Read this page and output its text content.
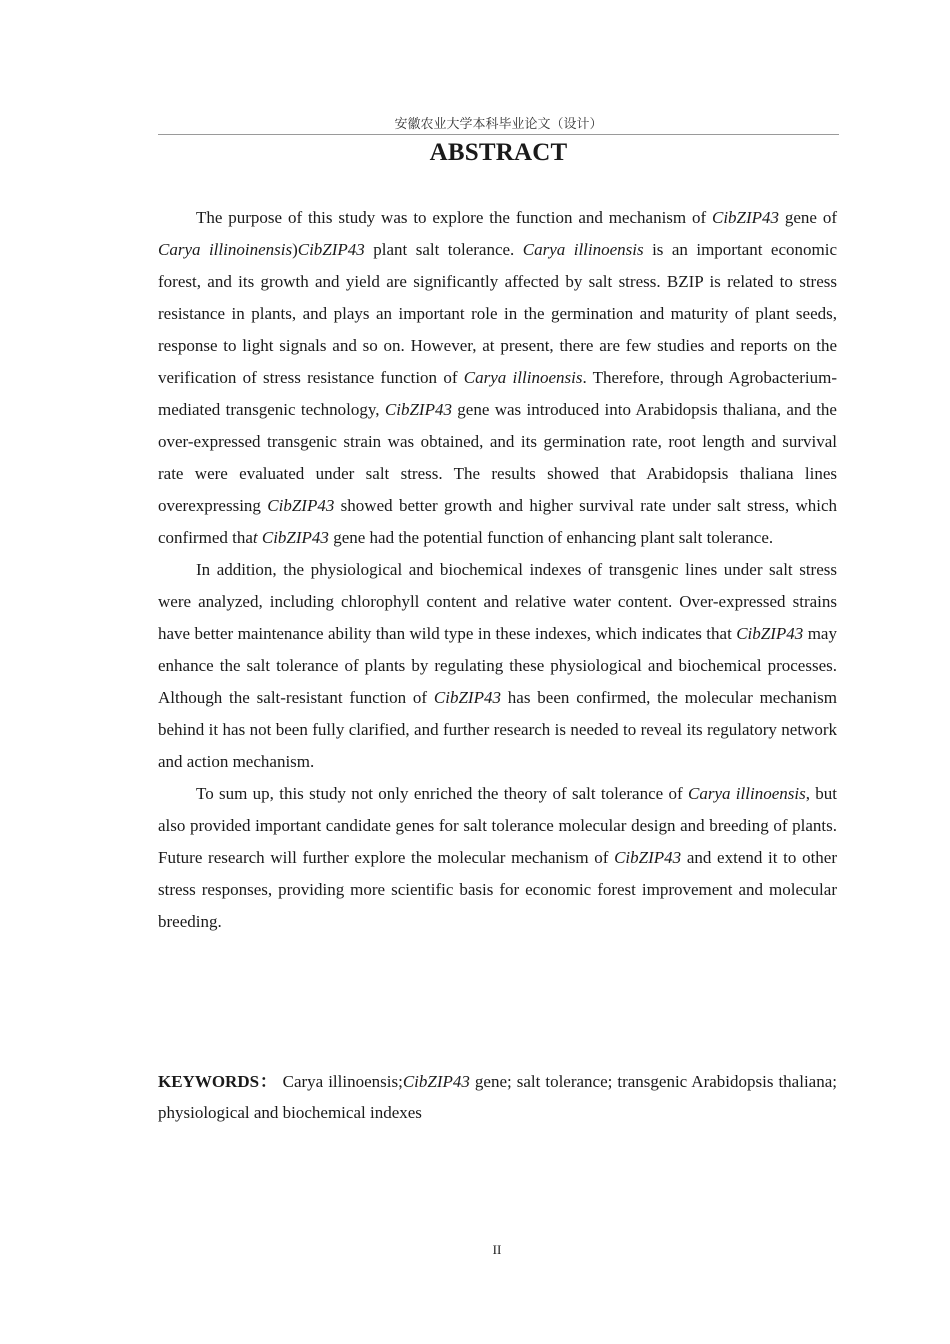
安徽农业大学本科毕业论文（设计）
ABSTRACT

The purpose of this study was to explore the function and mechanism of CibZIP43 gene of Carya illinoinensis)CibZIP43 plant salt tolerance. Carya illinoensis is an important economic forest, and its growth and yield are significantly affected by salt stress. BZIP is related to stress resistance in plants, and plays an important role in the germination and maturity of plant seeds, response to light signals and so on. However, at present, there are few studies and reports on the verification of stress resistance function of Carya illinoensis. Therefore, through Agrobacterium-mediated transgenic technology, CibZIP43 gene was introduced into Arabidopsis thaliana, and the over-expressed transgenic strain was obtained, and its germination rate, root length and survival rate were evaluated under salt stress. The results showed that Arabidopsis thaliana lines overexpressing CibZIP43 showed better growth and higher survival rate under salt stress, which confirmed that CibZIP43 gene had the potential function of enhancing plant salt tolerance.

In addition, the physiological and biochemical indexes of transgenic lines under salt stress were analyzed, including chlorophyll content and relative water content. Over-expressed strains have better maintenance ability than wild type in these indexes, which indicates that CibZIP43 may enhance the salt tolerance of plants by regulating these physiological and biochemical processes. Although the salt-resistant function of CibZIP43 has been confirmed, the molecular mechanism behind it has not been fully clarified, and further research is needed to reveal its regulatory network and action mechanism.

To sum up, this study not only enriched the theory of salt tolerance of Carya illinoensis, but also provided important candidate genes for salt tolerance molecular design and breeding of plants. Future research will further explore the molecular mechanism of CibZIP43 and extend it to other stress responses, providing more scientific basis for economic forest improvement and molecular breeding.

KEYWORDS： Carya illinoensis;CibZIP43 gene; salt tolerance; transgenic Arabidopsis thaliana; physiological and biochemical indexes
II
